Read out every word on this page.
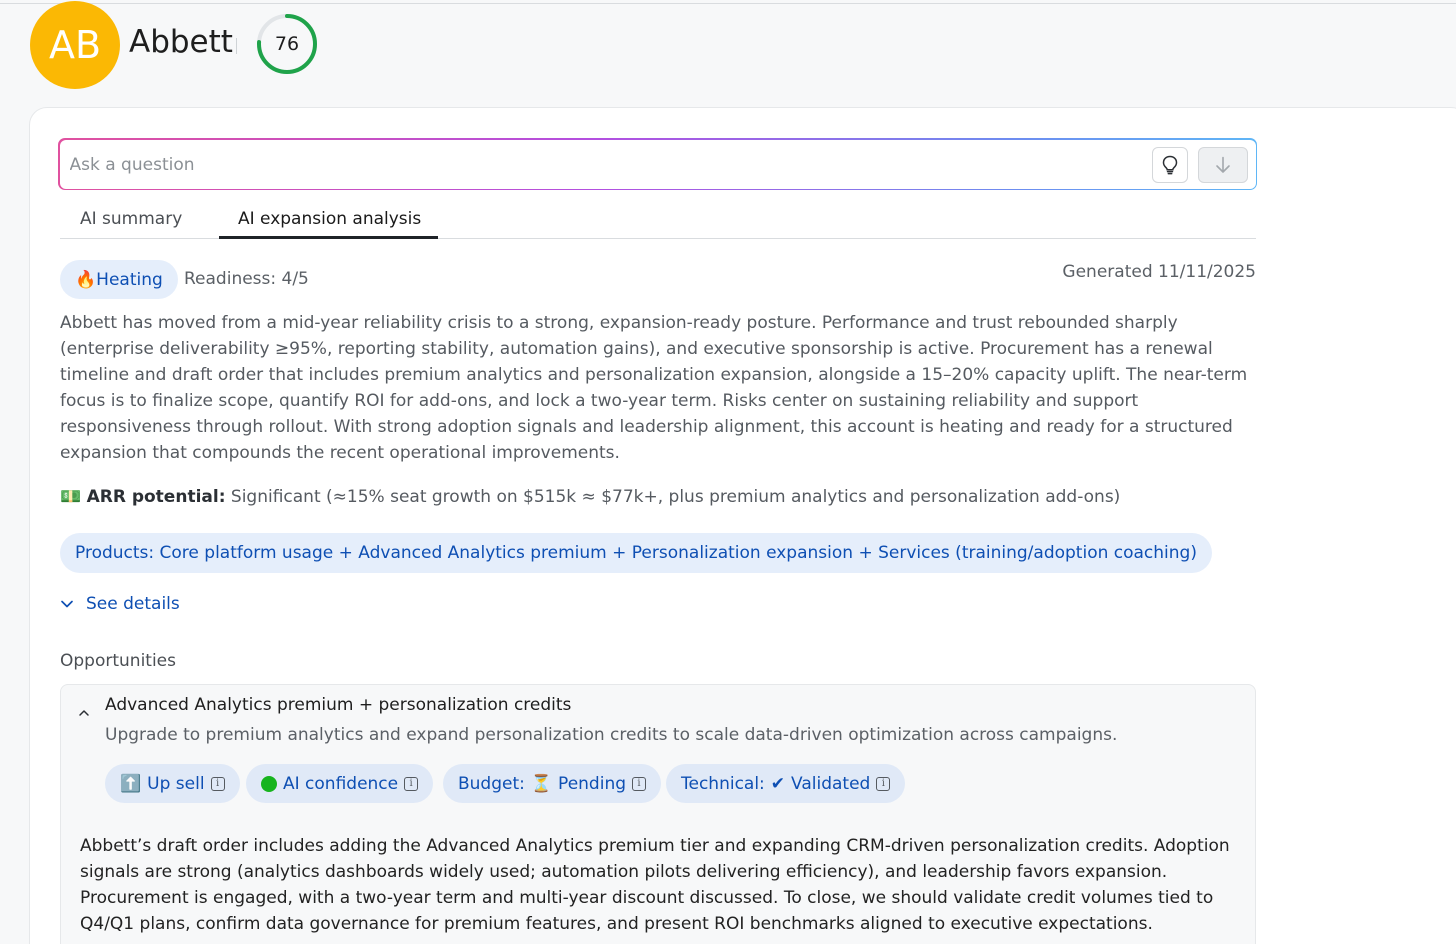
AB Abbett	76
Ask a question
AI summary	AI expansion analysis
🔥 Heating Readiness: 4/5	Generated 11/11/2025
Abbett has moved from a mid-year reliability crisis to a strong, expansion-ready posture. Performance and trust rebounded sharply (enterprise deliverability ≥95%, reporting stability, automation gains), and executive sponsorship is active. Procurement has a renewal timeline and draft order that includes premium analytics and personalization expansion, alongside a 15–20% capacity uplift. The near-term focus is to finalize scope, quantify ROI for add-ons, and lock a two-year term. Risks center on sustaining reliability and support responsiveness through rollout. With strong adoption signals and leadership alignment, this account is heating and ready for a structured expansion that compounds the recent operational improvements.
💵 ARR potential: Significant (≈15% seat growth on $515k ≈ $77k+, plus premium analytics and personalization add-ons)
Products: Core platform usage + Advanced Analytics premium + Personalization expansion + Services (training/adoption coaching)
See details
Opportunities
Advanced Analytics premium + personalization credits
Upgrade to premium analytics and expand personalization credits to scale data-driven optimization across campaigns.
⬆️ Up sell	i	AI confidence	i	Budget: ⏳ Pending	i	Technical: ✔ Validated	i
Abbett’s draft order includes adding the Advanced Analytics premium tier and expanding CRM-driven personalization credits. Adoption signals are strong (analytics dashboards widely used; automation pilots delivering efficiency), and leadership favors expansion. Procurement is engaged, with a two-year term and multi-year discount discussed. To close, we should validate credit volumes tied to Q4/Q1 plans, confirm data governance for premium features, and present ROI benchmarks aligned to executive expectations.
